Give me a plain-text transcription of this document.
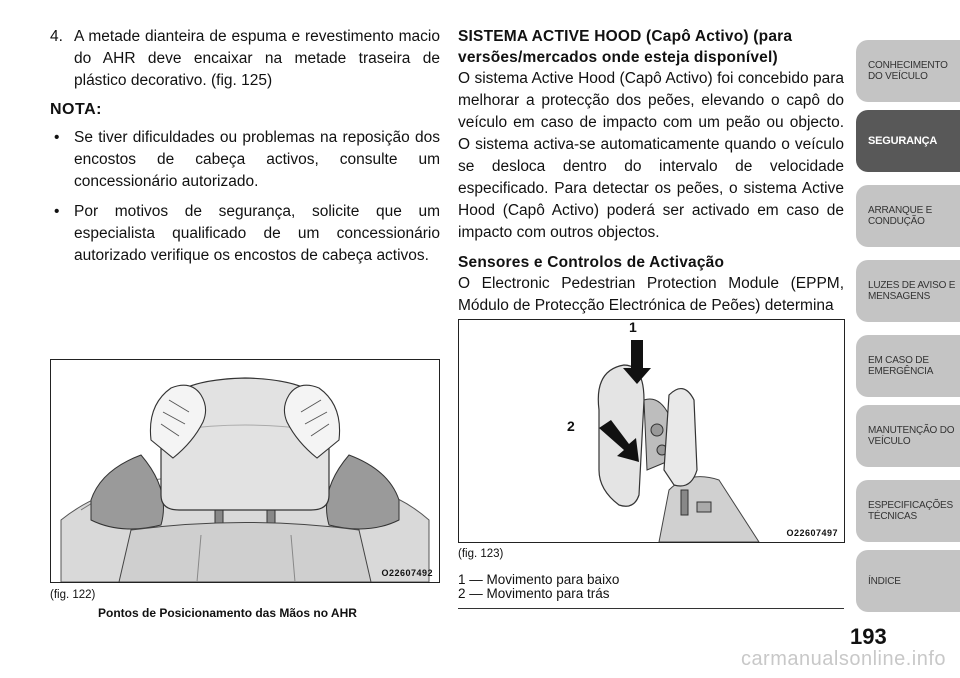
4. A metade dianteira de espuma e revestimento macio do AHR deve encaixar na metade traseira de plástico decorativo. (fig. 125)
NOTA:
• Se tiver dificuldades ou problemas na reposição dos encostos de cabeça activos, consulte um concessionário autorizado.
• Por motivos de segurança, solicite que um especialista qualificado de um concessionário autorizado verifique os encostos de cabeça activos.
O22607492
(fig. 122)
Pontos de Posicionamento das Mãos no AHR
SISTEMA ACTIVE HOOD (Capô Activo) (para versões/mercados onde esteja disponível)

O sistema Active Hood (Capô Activo) foi concebido para melhorar a protecção dos peões, elevando o capô do veículo em caso de impacto com um peão ou objecto. O sistema activa-se automaticamente quando o veículo se desloca dentro do intervalo de velocidade especificado. Para detectar os peões, o sistema Active Hood (Capô Activo) poderá ser activado em caso de impacto com outros objectos.

Sensores e Controlos de Activação

O Electronic Pedestrian Protection Module (EPPM, Módulo de Protecção Electrónica de Peões) determina

1
2
O22607497
(fig. 123)
1 — Movimento para baixo
2 — Movimento para trás
CONHECIMENTO DO VEÍCULO
SEGURANÇA
ARRANQUE E CONDUÇÃO
LUZES DE AVISO E MENSAGENS
EM CASO DE EMERGÊNCIA
MANUTENÇÃO DO VEÍCULO
ESPECIFICAÇÕES TÉCNICAS
ÍNDICE
193
carmanualsonline.info
